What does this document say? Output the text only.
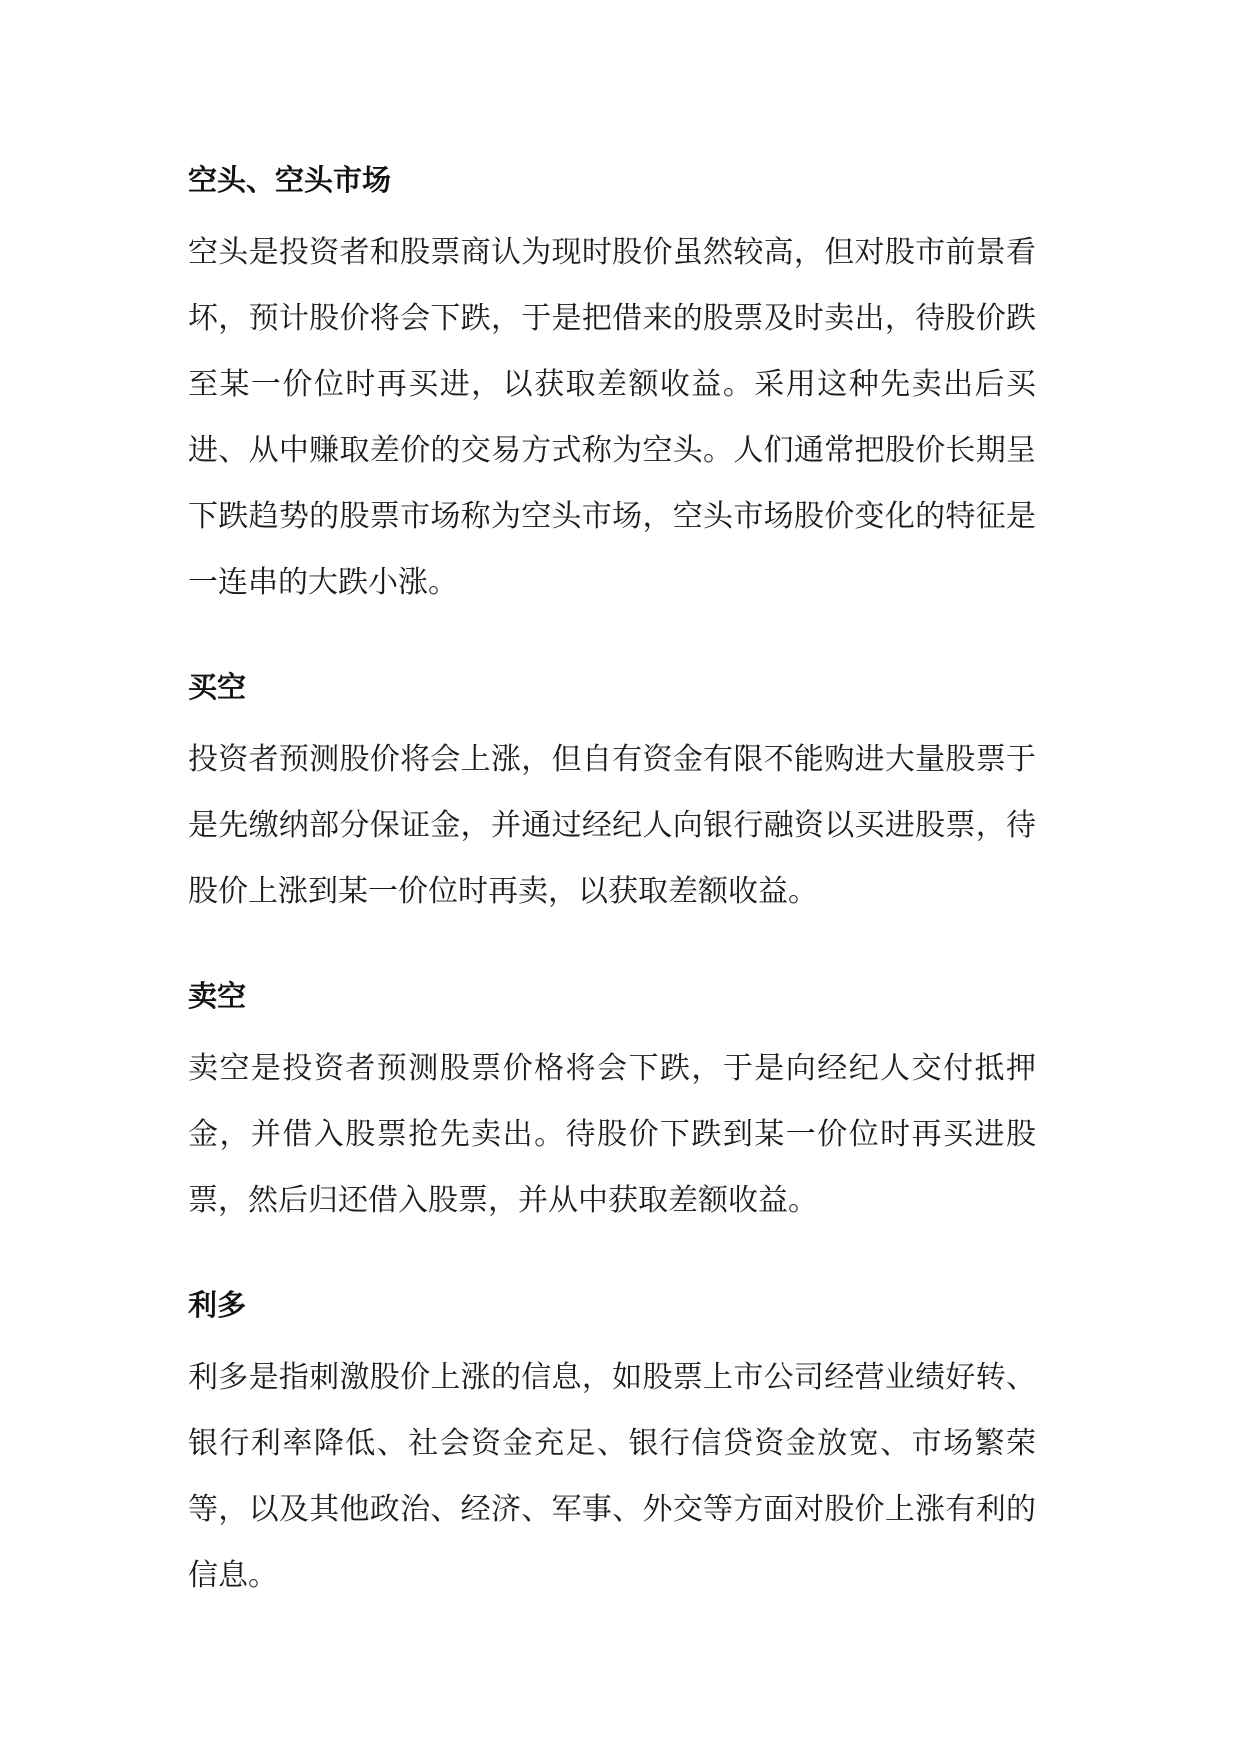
空头、空头市场

空头是投资者和股票商认为现时股价虽然较高，但对股市前景看坏，预计股价将会下跌，于是把借来的股票及时卖出，待股价跌至某一价位时再买进，以获取差额收益。采用这种先卖出后买进、从中赚取差价的交易方式称为空头。人们通常把股价长期呈下跌趋势的股票市场称为空头市场，空头市场股价变化的特征是一连串的大跌小涨。

买空

投资者预测股价将会上涨，但自有资金有限不能购进大量股票于是先缴纳部分保证金，并通过经纪人向银行融资以买进股票，待股价上涨到某一价位时再卖，以获取差额收益。

卖空

卖空是投资者预测股票价格将会下跌，于是向经纪人交付抵押金，并借入股票抢先卖出。待股价下跌到某一价位时再买进股票，然后归还借入股票，并从中获取差额收益。

利多

利多是指刺激股价上涨的信息，如股票上市公司经营业绩好转、银行利率降低、社会资金充足、银行信贷资金放宽、市场繁荣等，以及其他政治、经济、军事、外交等方面对股价上涨有利的信息。
